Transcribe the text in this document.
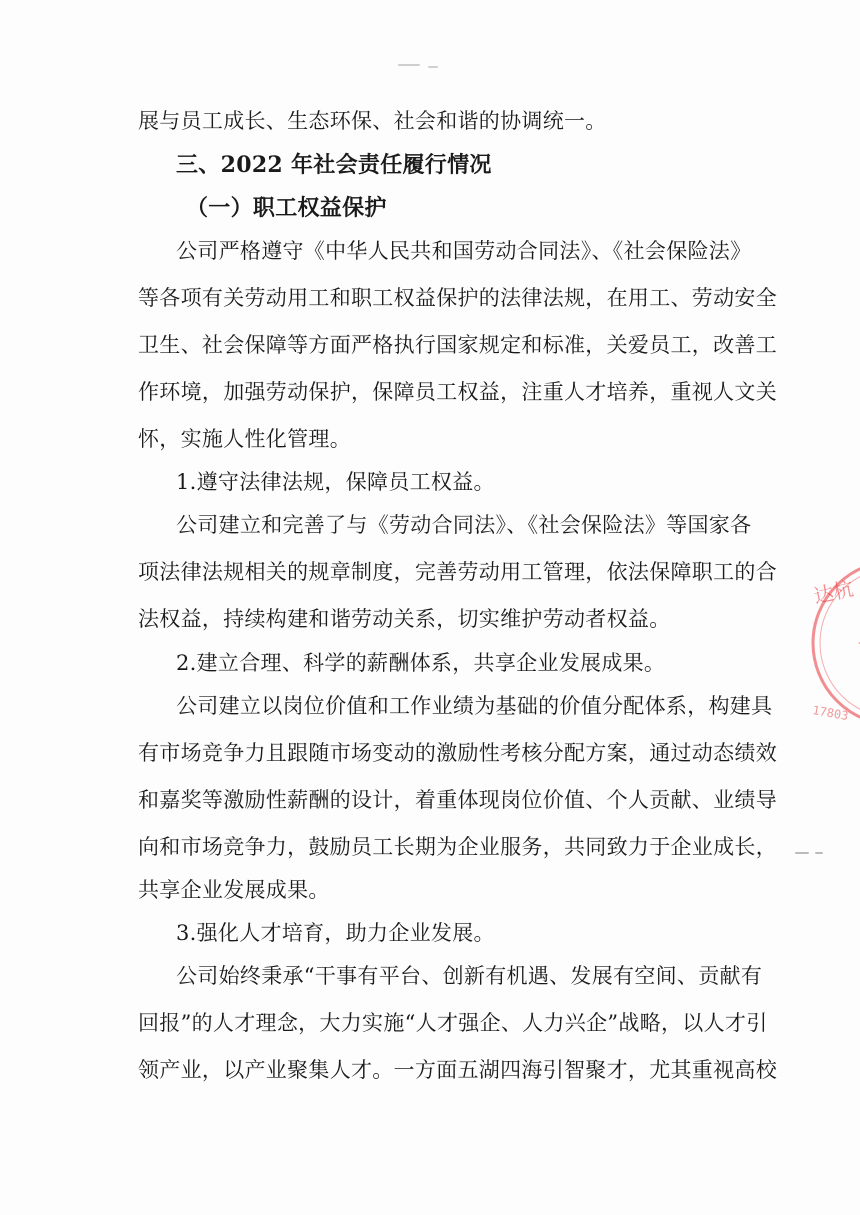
展与员工成长、生态环保、社会和谐的协调统一。
三、2022 年社会责任履行情况
（一）职工权益保护
公司严格遵守《中华人民共和国劳动合同法》、《社会保险法》
等各项有关劳动用工和职工权益保护的法律法规，在用工、劳动安全
卫生、社会保障等方面严格执行国家规定和标准，关爱员工，改善工
作环境，加强劳动保护，保障员工权益，注重人才培养，重视人文关
怀，实施人性化管理。
1.遵守法律法规，保障员工权益。
公司建立和完善了与《劳动合同法》、《社会保险法》等国家各
项法律法规相关的规章制度，完善劳动用工管理，依法保障职工的合
法权益，持续构建和谐劳动关系，切实维护劳动者权益。
2.建立合理、科学的薪酬体系，共享企业发展成果。
公司建立以岗位价值和工作业绩为基础的价值分配体系，构建具
有市场竞争力且跟随市场变动的激励性考核分配方案，通过动态绩效
和嘉奖等激励性薪酬的设计，着重体现岗位价值、个人贡献、业绩导
向和市场竞争力，鼓励员工长期为企业服务，共同致力于企业成长，
共享企业发展成果。
3.强化人才培育，助力企业发展。
公司始终秉承“干事有平台、创新有机遇、发展有空间、贡献有
回报”的人才理念，大力实施“人才强企、人力兴企”战略，以人才引
领产业，以产业聚集人才。一方面五湖四海引智聚才，尤其重视高校
达杭
17803
